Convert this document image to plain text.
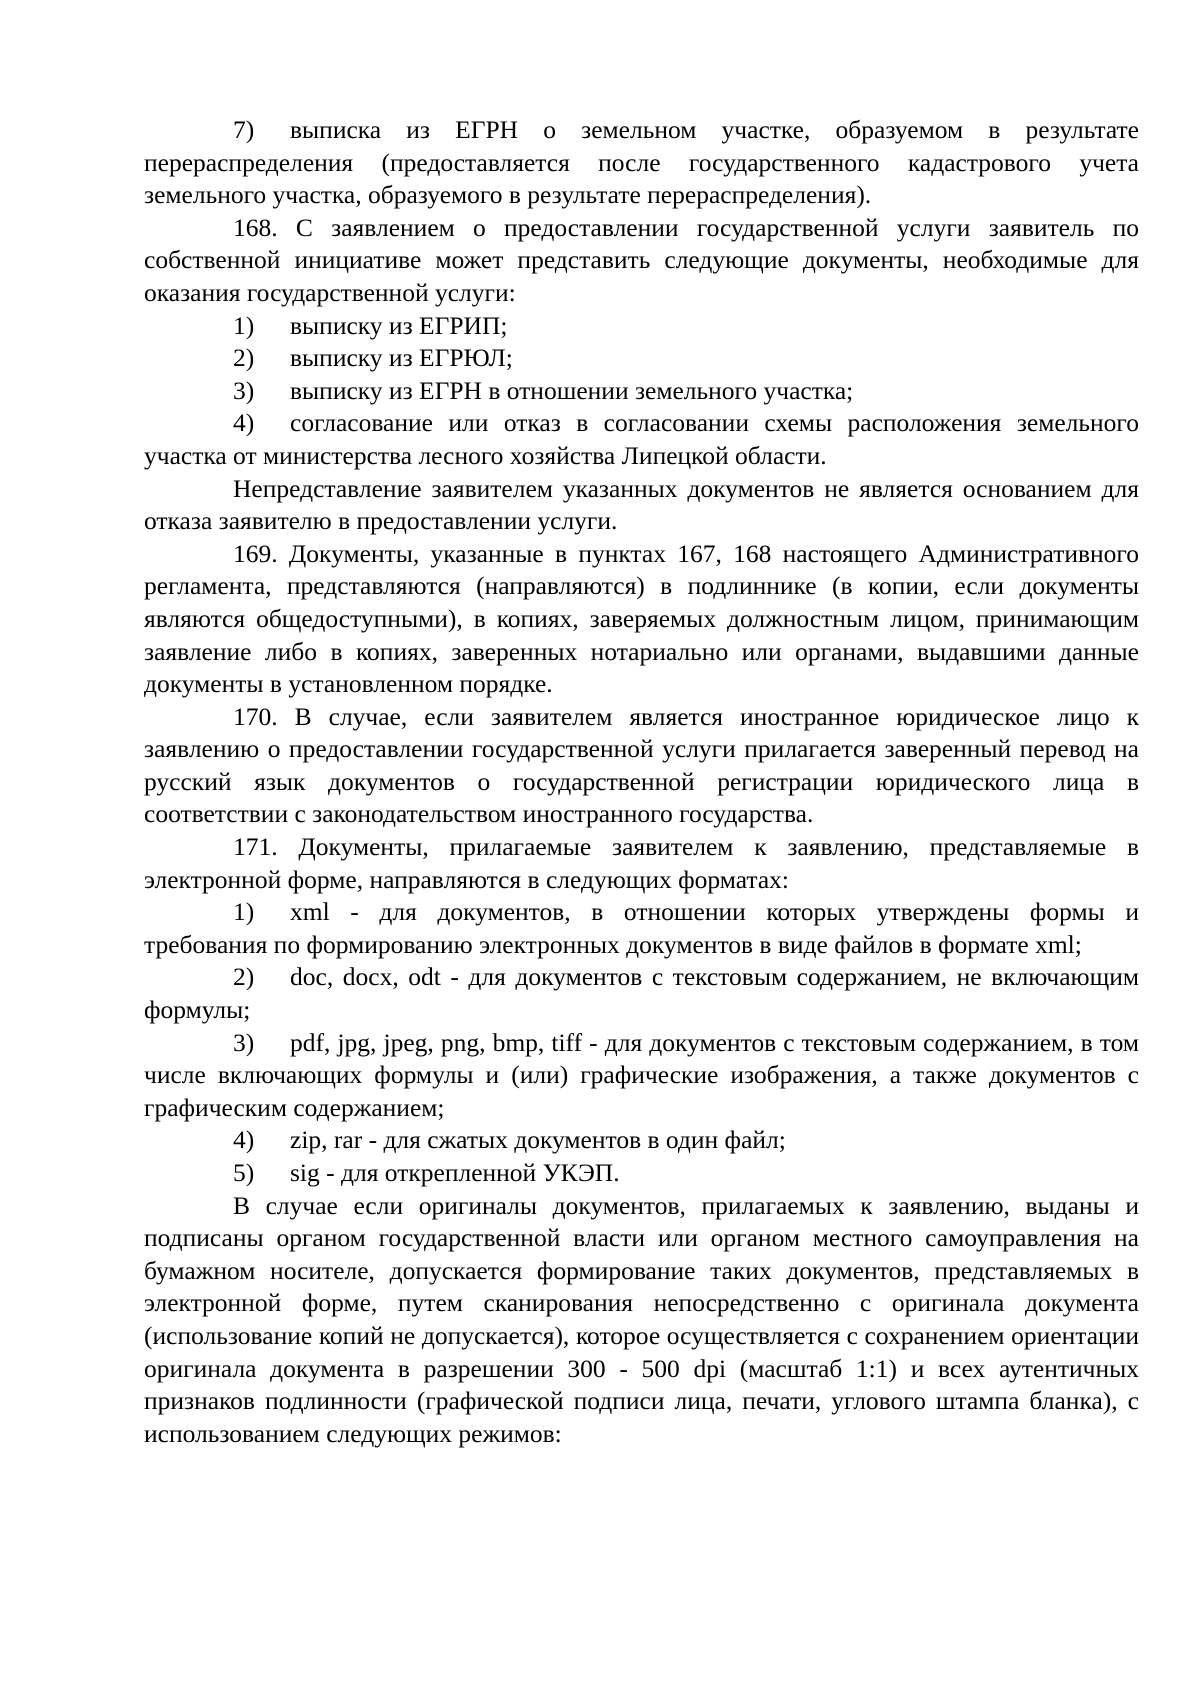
7) выписка из ЕГРН о земельном участке, образуемом в результате перераспределения (предоставляется после государственного кадастрового учета земельного участка, образуемого в результате перераспределения).

168. С заявлением о предоставлении государственной услуги заявитель по собственной инициативе может представить следующие документы, необходимые для оказания государственной услуги:

1) выписку из ЕГРИП;

2) выписку из ЕГРЮЛ;

3) выписку из ЕГРН в отношении земельного участка;

4) согласование или отказ в согласовании схемы расположения земельного участка от министерства лесного хозяйства Липецкой области.

Непредставление заявителем указанных документов не является основанием для отказа заявителю в предоставлении услуги.

169. Документы, указанные в пунктах 167, 168 настоящего Административного регламента, представляются (направляются) в подлиннике (в копии, если документы являются общедоступными), в копиях, заверяемых должностным лицом, принимающим заявление либо в копиях, заверенных нотариально или органами, выдавшими данные документы в установленном порядке.

170. В случае, если заявителем является иностранное юридическое лицо к заявлению о предоставлении государственной услуги прилагается заверенный перевод на русский язык документов о государственной регистрации юридического лица в соответствии с законодательством иностранного государства.

171. Документы, прилагаемые заявителем к заявлению, представляемые в электронной форме, направляются в следующих форматах:

1) xml - для документов, в отношении которых утверждены формы и требования по формированию электронных документов в виде файлов в формате xml;

2) doc, docx, odt - для документов с текстовым содержанием, не включающим формулы;

3) pdf, jpg, jpeg, png, bmp, tiff - для документов с текстовым содержанием, в том числе включающих формулы и (или) графические изображения, а также документов с графическим содержанием;

4) zip, rar - для сжатых документов в один файл;

5) sig - для открепленной УКЭП.

В случае если оригиналы документов, прилагаемых к заявлению, выданы и подписаны органом государственной власти или органом местного самоуправления на бумажном носителе, допускается формирование таких документов, представляемых в электронной форме, путем сканирования непосредственно с оригинала документа (использование копий не допускается), которое осуществляется с сохранением ориентации оригинала документа в разрешении 300 - 500 dpi (масштаб 1:1) и всех аутентичных признаков подлинности (графической подписи лица, печати, углового штампа бланка), с использованием следующих режимов:
